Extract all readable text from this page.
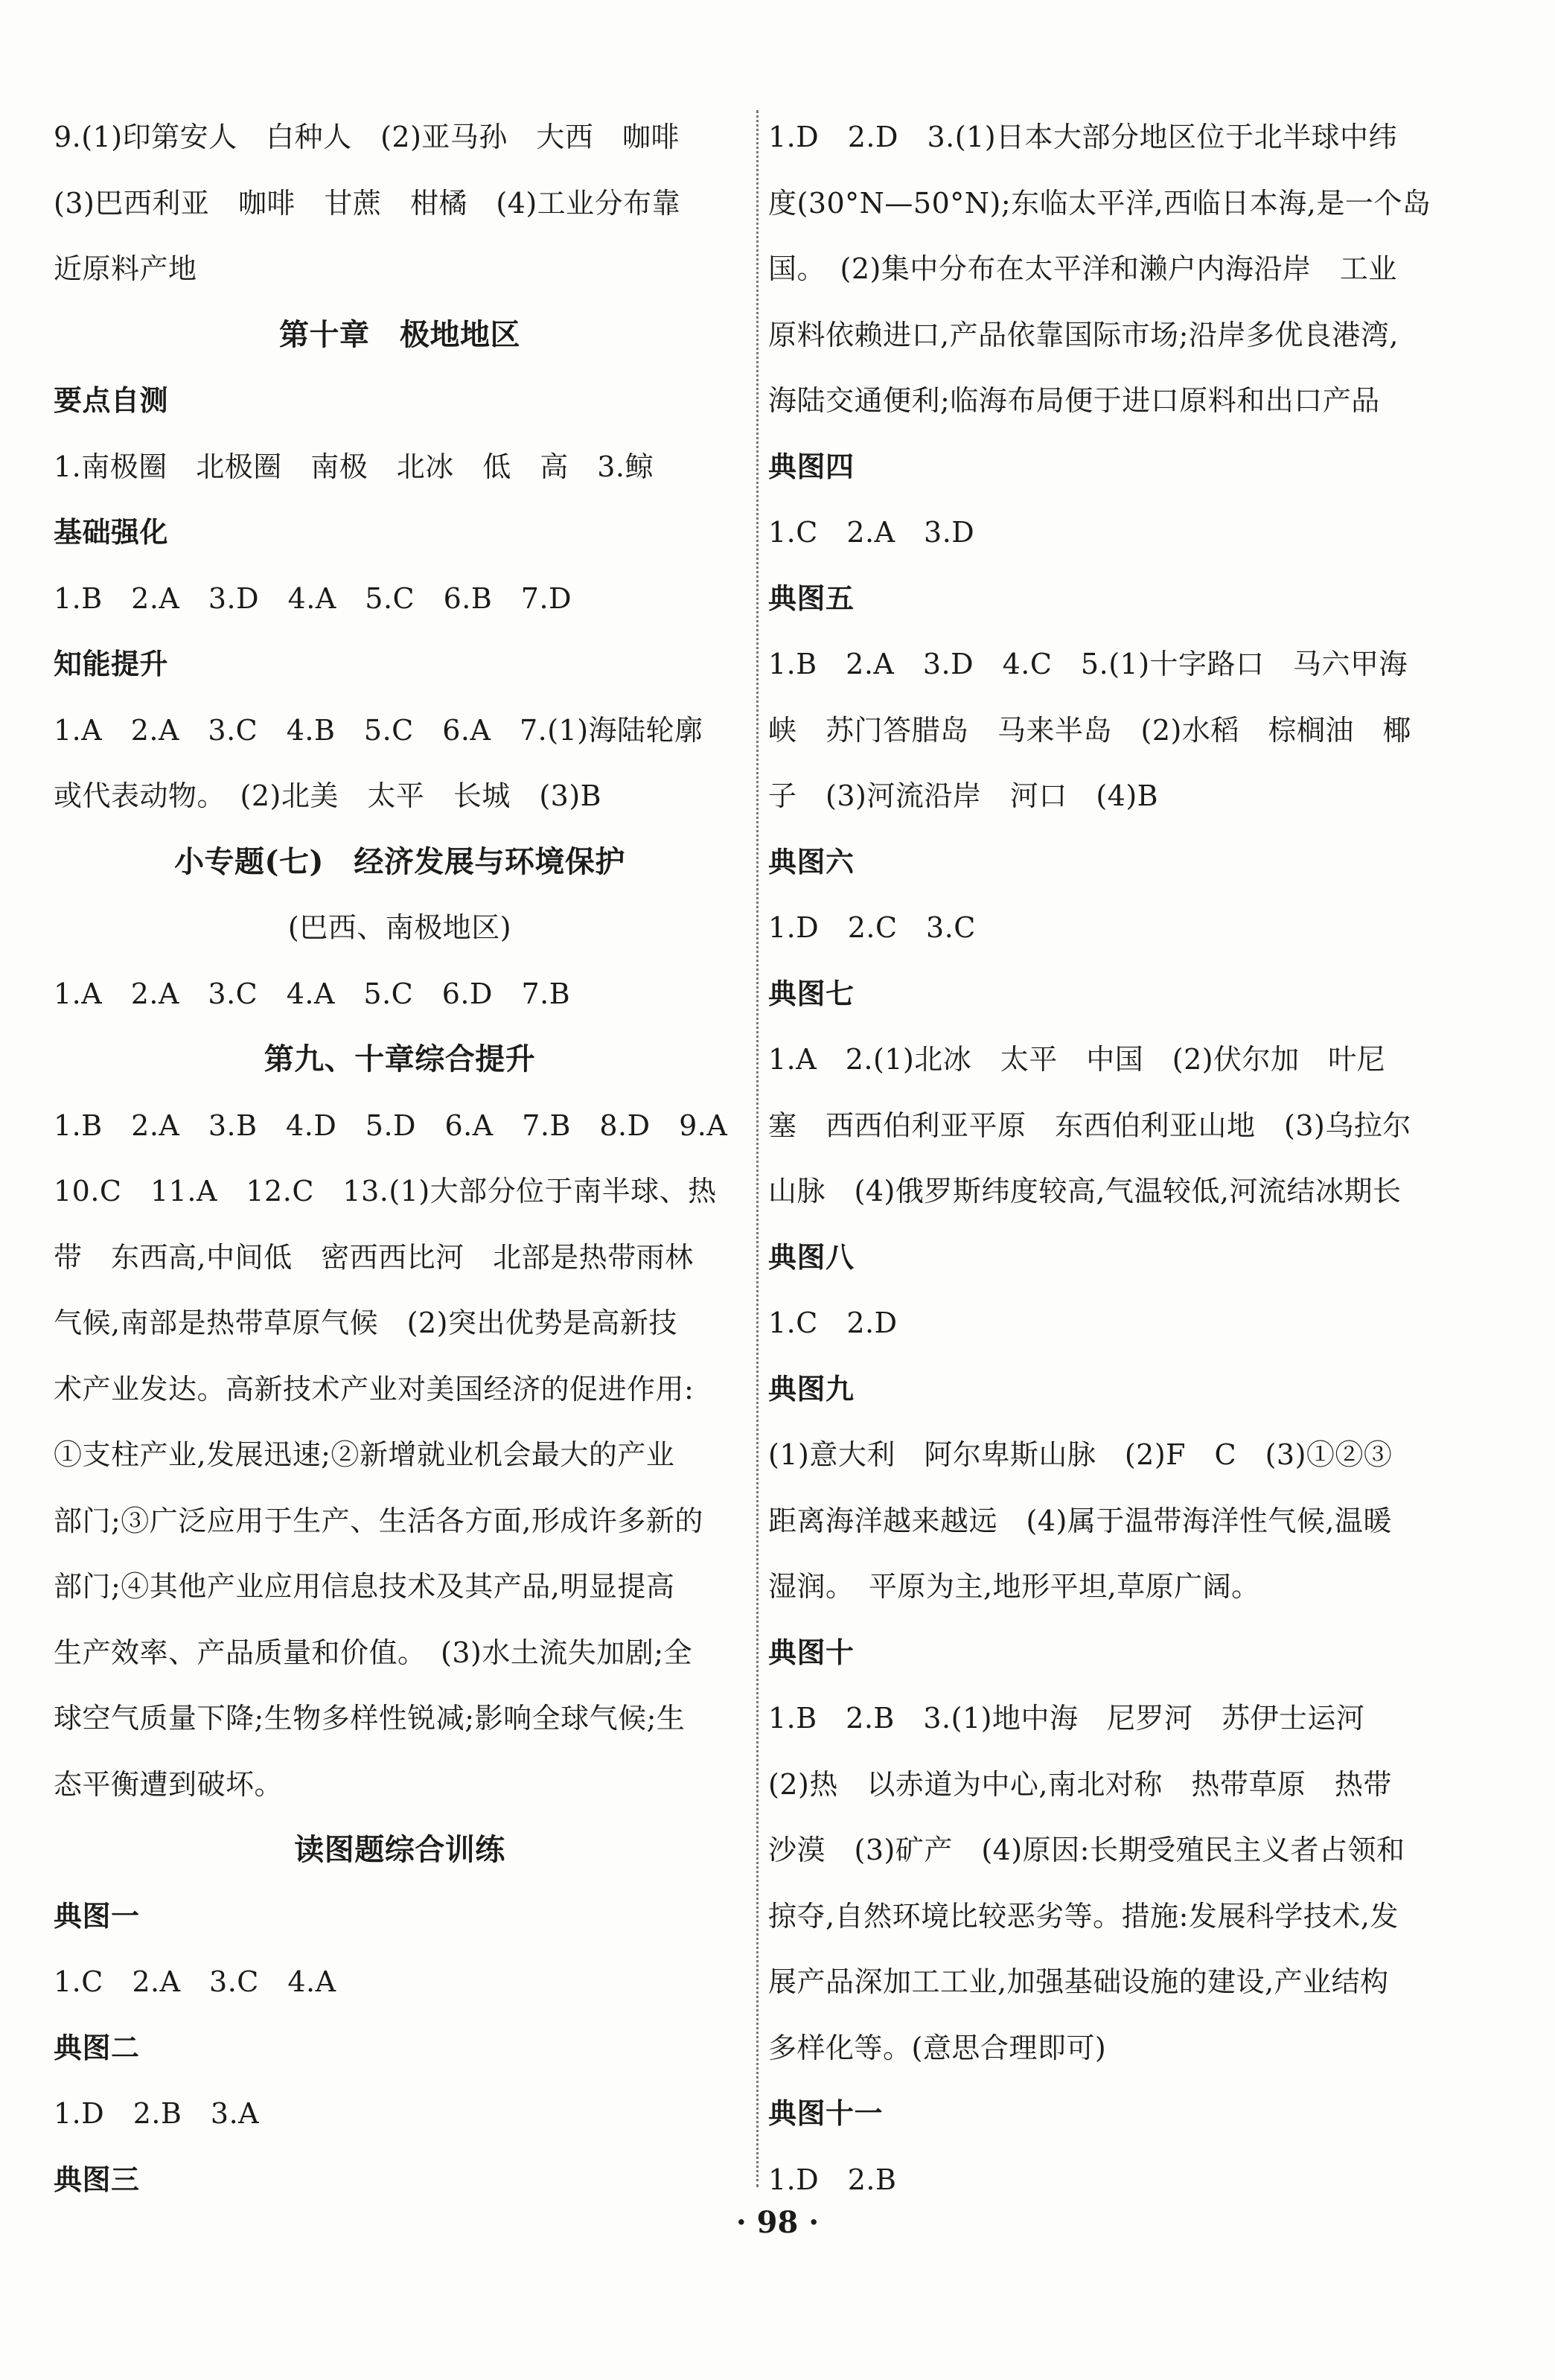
9.(1)印第安人　白种人　(2)亚马孙　大西　咖啡
(3)巴西利亚　咖啡　甘蔗　柑橘　(4)工业分布靠
近原料产地
第十章　极地地区
要点自测
1.南极圈　北极圈　南极　北冰　低　高　3.鲸
基础强化
1.B　2.A　3.D　4.A　5.C　6.B　7.D
知能提升
1.A　2.A　3.C　4.B　5.C　6.A　7.(1)海陆轮廓
或代表动物。　(2)北美　太平　长城　(3)B
小专题(七)　经济发展与环境保护
(巴西、南极地区)
1.A　2.A　3.C　4.A　5.C　6.D　7.B
第九、十章综合提升
1.B　2.A　3.B　4.D　5.D　6.A　7.B　8.D　9.A
10.C　11.A　12.C　13.(1)大部分位于南半球、热
带　东西高,中间低　密西西比河　北部是热带雨林
气候,南部是热带草原气候　(2)突出优势是高新技
术产业发达。高新技术产业对美国经济的促进作用:
①支柱产业,发展迅速;②新增就业机会最大的产业
部门;③广泛应用于生产、生活各方面,形成许多新的
部门;④其他产业应用信息技术及其产品,明显提高
生产效率、产品质量和价值。　(3)水土流失加剧;全
球空气质量下降;生物多样性锐减;影响全球气候;生
态平衡遭到破坏。
读图题综合训练
典图一
1.C　2.A　3.C　4.A
典图二
1.D　2.B　3.A
典图三
1.D　2.D　3.(1)日本大部分地区位于北半球中纬
度(30°N—50°N);东临太平洋,西临日本海,是一个岛
国。　(2)集中分布在太平洋和濑户内海沿岸　工业
原料依赖进口,产品依靠国际市场;沿岸多优良港湾,
海陆交通便利;临海布局便于进口原料和出口产品
典图四
1.C　2.A　3.D
典图五
1.B　2.A　3.D　4.C　5.(1)十字路口　马六甲海
峡　苏门答腊岛　马来半岛　(2)水稻　棕榈油　椰
子　(3)河流沿岸　河口　(4)B
典图六
1.D　2.C　3.C
典图七
1.A　2.(1)北冰　太平　中国　(2)伏尔加　叶尼
塞　西西伯利亚平原　东西伯利亚山地　(3)乌拉尔
山脉　(4)俄罗斯纬度较高,气温较低,河流结冰期长
典图八
1.C　2.D
典图九
(1)意大利　阿尔卑斯山脉　(2)F　C　(3)①②③
距离海洋越来越远　(4)属于温带海洋性气候,温暖
湿润。　平原为主,地形平坦,草原广阔。
典图十
1.B　2.B　3.(1)地中海　尼罗河　苏伊士运河
(2)热　以赤道为中心,南北对称　热带草原　热带
沙漠　(3)矿产　(4)原因:长期受殖民主义者占领和
掠夺,自然环境比较恶劣等。措施:发展科学技术,发
展产品深加工工业,加强基础设施的建设,产业结构
多样化等。(意思合理即可)
典图十一
1.D　2.B
· 98 ·
